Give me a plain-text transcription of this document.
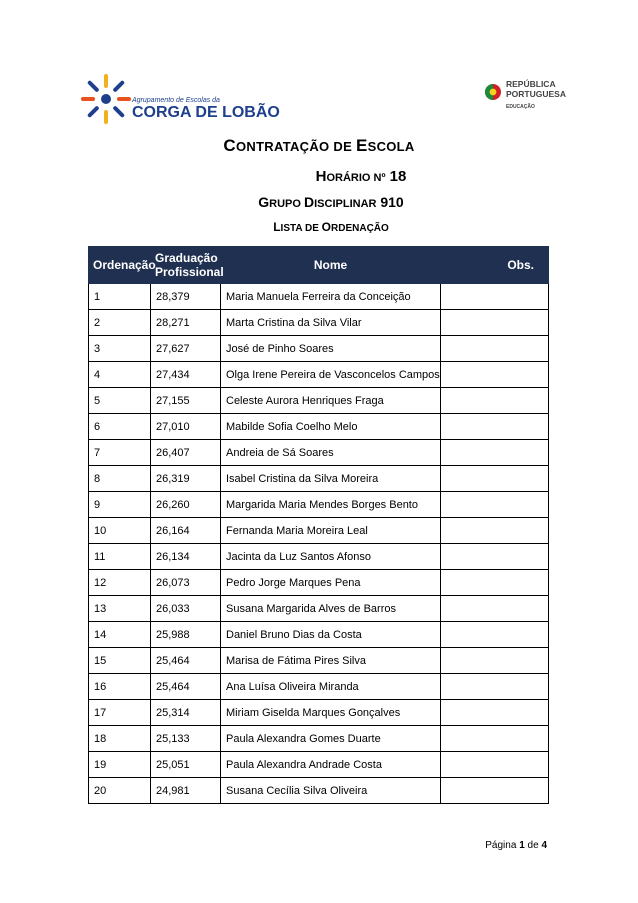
Agrupamento de Escolas da
CORGA DE LOBÃO
REPÚBLICA
PORTUGUESA
EDUCAÇÃO
CONTRATAÇÃO DE ESCOLA
HORÁRIO Nº 18
GRUPO DISCIPLINAR 910
LISTA DE ORDENAÇÃO
Ordenação	Graduação
Profissional	Nome	Obs.
1	28,379	Maria Manuela Ferreira da Conceição	
2	28,271	Marta Cristina da Silva Vilar	
3	27,627	José de Pinho Soares	
4	27,434	Olga Irene Pereira de Vasconcelos Campos	
5	27,155	Celeste Aurora Henriques Fraga	
6	27,010	Mabilde Sofia Coelho Melo	
7	26,407	Andreia de Sá Soares	
8	26,319	Isabel Cristina da Silva Moreira	
9	26,260	Margarida Maria Mendes Borges Bento	
10	26,164	Fernanda Maria Moreira Leal	
11	26,134	Jacinta da Luz Santos Afonso	
12	26,073	Pedro Jorge Marques Pena	
13	26,033	Susana Margarida Alves de Barros	
14	25,988	Daniel Bruno Dias da Costa	
15	25,464	Marisa de Fátima Pires Silva	
16	25,464	Ana Luísa Oliveira Miranda	
17	25,314	Miriam Giselda Marques Gonçalves	
18	25,133	Paula Alexandra Gomes Duarte	
19	25,051	Paula Alexandra Andrade Costa	
20	24,981	Susana Cecília Silva Oliveira	
Página 1 de 4
